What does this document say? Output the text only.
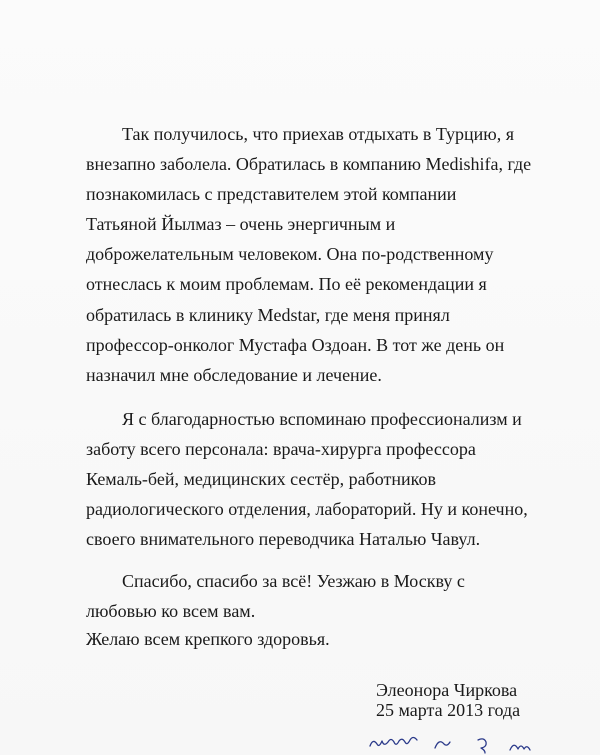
Так получилось, что приехав отдыхать в Турцию, я
внезапно заболела. Обратилась в компанию Medishifa, где
познакомилась с представителем этой компании
Татьяной Йылмаз – очень энергичным и
доброжелательным человеком. Она по-родственному
отнеслась к моим проблемам. По её рекомендации я
обратилась в клинику Medstar, где меня принял
профессор-онколог Мустафа Оздоан. В тот же день он
назначил мне обследование и лечение.
Я с благодарностью вспоминаю профессионализм и
заботу всего персонала: врача-хирурга профессора
Кемаль-бей, медицинских сестёр, работников
радиологического отделения, лабораторий. Ну и конечно,
своего внимательного переводчика Наталью Чавул.
Спасибо, спасибо за всё! Уезжаю в Москву с
любовью ко всем вам.
Желаю всем крепкого здоровья.
Элеонора Чиркова
25 марта 2013 года
